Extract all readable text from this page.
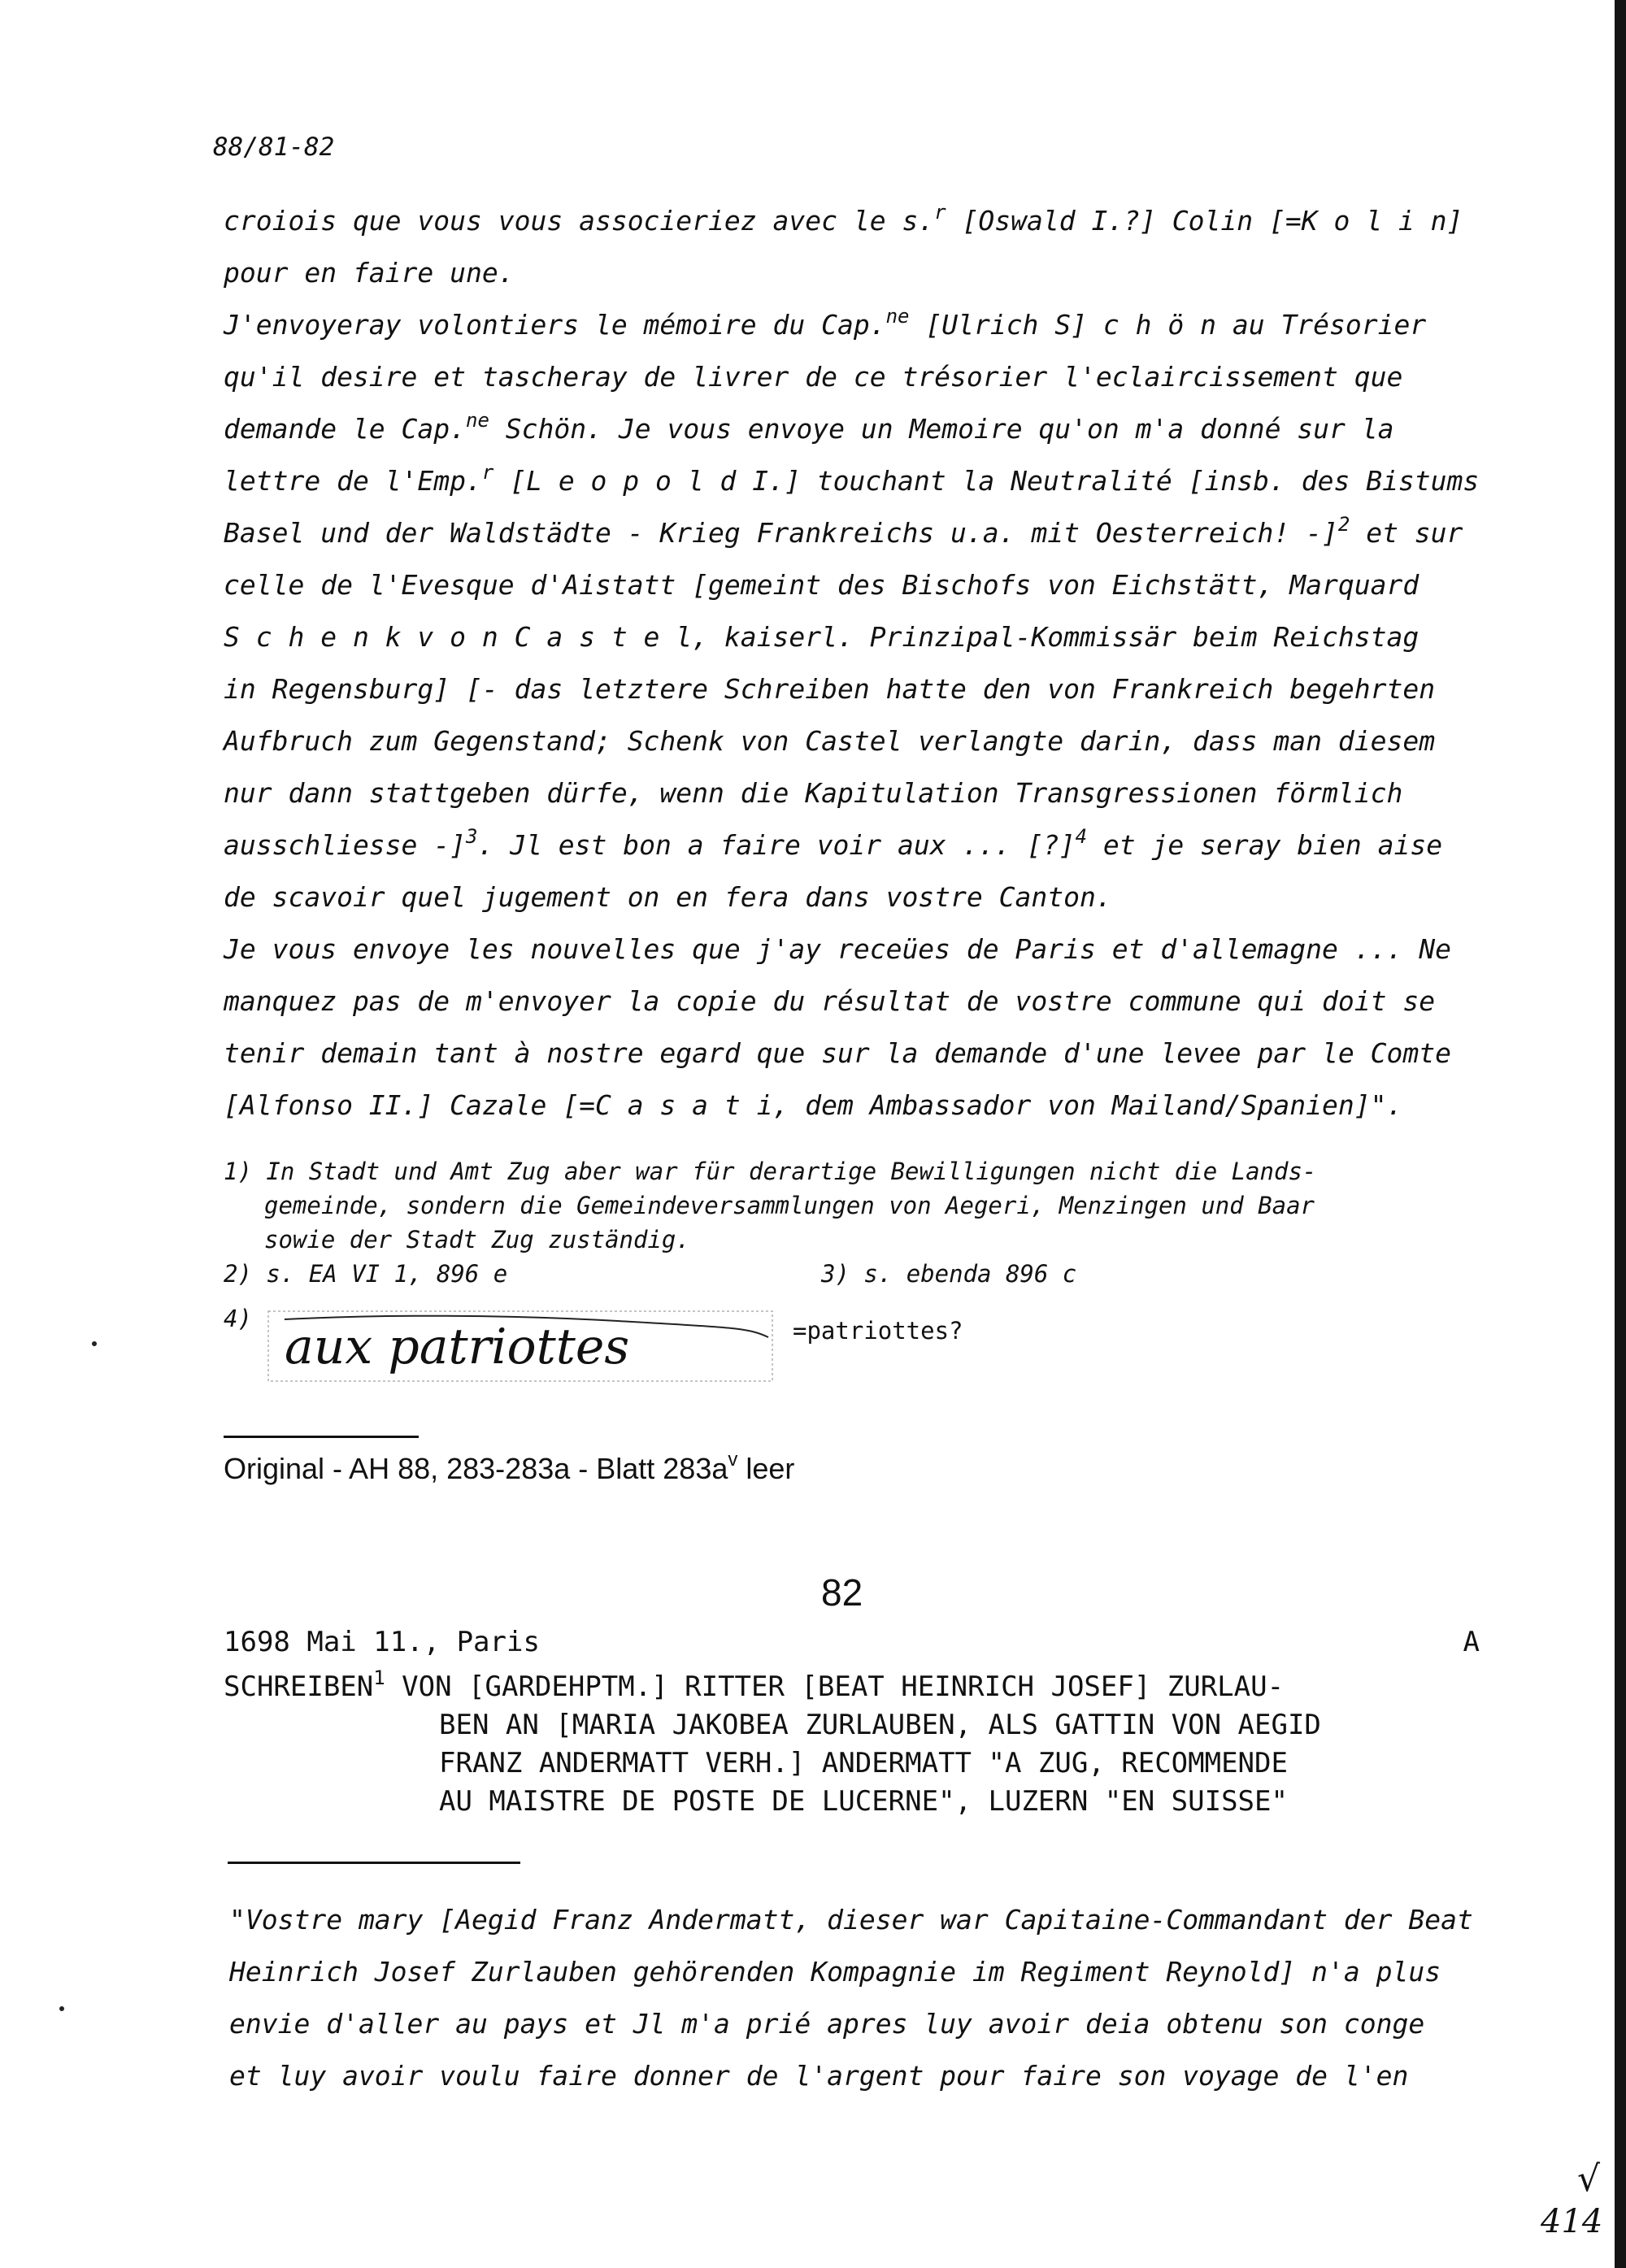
88/81-82
croiois que vous vous associeriez avec le s.$^r$ [Oswald I.?] Colin [=K o l i n]
pour en faire une.
J'envoyeray volontiers le mémoire du Cap.$^{ne}$ [Ulrich S] c h ö n au Trésorier
qu'il desire et tascheray de livrer de ce trésorier l'eclaircissement que
demande le Cap.$^{ne}$ Schön. Je vous envoye un Memoire qu'on m'a donné sur la
lettre de l'Emp.$^r$ [L e o p o l d I.] touchant la Neutralité [insb. des Bistums
Basel und der Waldstädte - Krieg Frankreichs u.a. mit Oesterreich! -]$^2$ et sur
celle de l'Evesque d'Aistatt [gemeint des Bischofs von Eichstätt, Marquard
S c h e n k v o n C a s t e l, kaiserl. Prinzipal-Kommissär beim Reichstag
in Regensburg] [- das letztere Schreiben hatte den von Frankreich begehrten
Aufbruch zum Gegenstand; Schenk von Castel verlangte darin, dass man diesem
nur dann stattgeben dürfe, wenn die Kapitulation Transgressionen förmlich
ausschliesse -]$^3$. Jl est bon a faire voir aux ... [?]$^4$ et je seray bien aise
de scavoir quel jugement on en fera dans vostre Canton.
Je vous envoye les nouvelles que j'ay receües de Paris et d'allemagne ... Ne
manquez pas de m'envoyer la copie du résultat de vostre commune qui doit se
tenir demain tant à nostre egard que sur la demande d'une levee par le Comte
[Alfonso II.] Cazale [=C a s a t i, dem Ambassador von Mailand/Spanien]".
1) In Stadt und Amt Zug aber war für derartige Bewilligungen nicht die Lands-
gemeinde, sondern die Gemeindeversammlungen von Aegeri, Menzingen und Baar
sowie der Stadt Zug zuständig.
2) s. EA VI 1, 896 e	3) s. ebenda 896 c
4) aux patriottes	=patriottes?
Original - AH 88, 283-283a - Blatt $283a^v$ leer
82
1698 Mai 11., Paris	A
SCHREIBEN$^1$ VON [GARDEHPTM.] RITTER [BEAT HEINRICH JOSEF] ZURLAU-
BEN AN [MARIA JAKOBEA ZURLAUBEN, ALS GATTIN VON AEGID
FRANZ ANDERMATT VERH.] ANDERMATT "A ZUG, RECOMMENDE
AU MAISTRE DE POSTE DE LUCERNE", LUZERN "EN SUISSE"
"Vostre mary [Aegid Franz Andermatt, dieser war Capitaine-Commandant der Beat
Heinrich Josef Zurlauben gehörenden Kompagnie im Regiment Reynold] n'a plus
envie d'aller au pays et Jl m'a prié apres luy avoir deia obtenu son conge
et luy avoir voulu faire donner de l'argent pour faire son voyage de l'en
√
414
